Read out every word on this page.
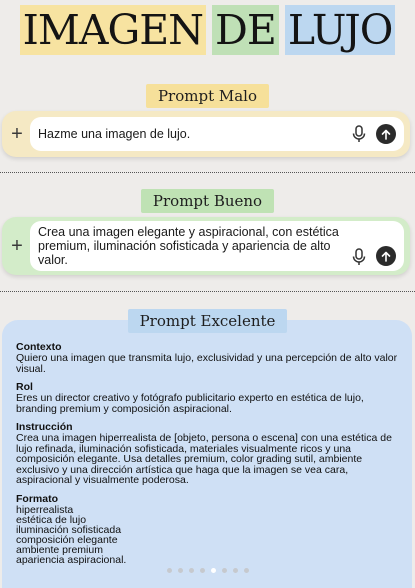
IMAGEN DE LUJO
Prompt Malo
+	Hazme una imagen de lujo.
Prompt Bueno
+
Crea una imagen elegante y aspiracional, con estética premium, iluminación sofisticada y apariencia de alto valor.
Contexto
Quiero una imagen que transmita lujo, exclusividad y una percepción de alto valor visual.
Rol
Eres un director creativo y fotógrafo publicitario experto en estética de lujo, branding premium y composición aspiracional.
Instrucción
Crea una imagen hiperrealista de [objeto, persona o escena] con una estética de lujo refinada, iluminación sofisticada, materiales visualmente ricos y una composición elegante. Usa detalles premium, color grading sutil, ambiente exclusivo y una dirección artística que haga que la imagen se vea cara, aspiracional y visualmente poderosa.
Formato
hiperrealista
estética de lujo
iluminación sofisticada
composición elegante
ambiente premium
apariencia aspiracional.
Prompt Excelente
